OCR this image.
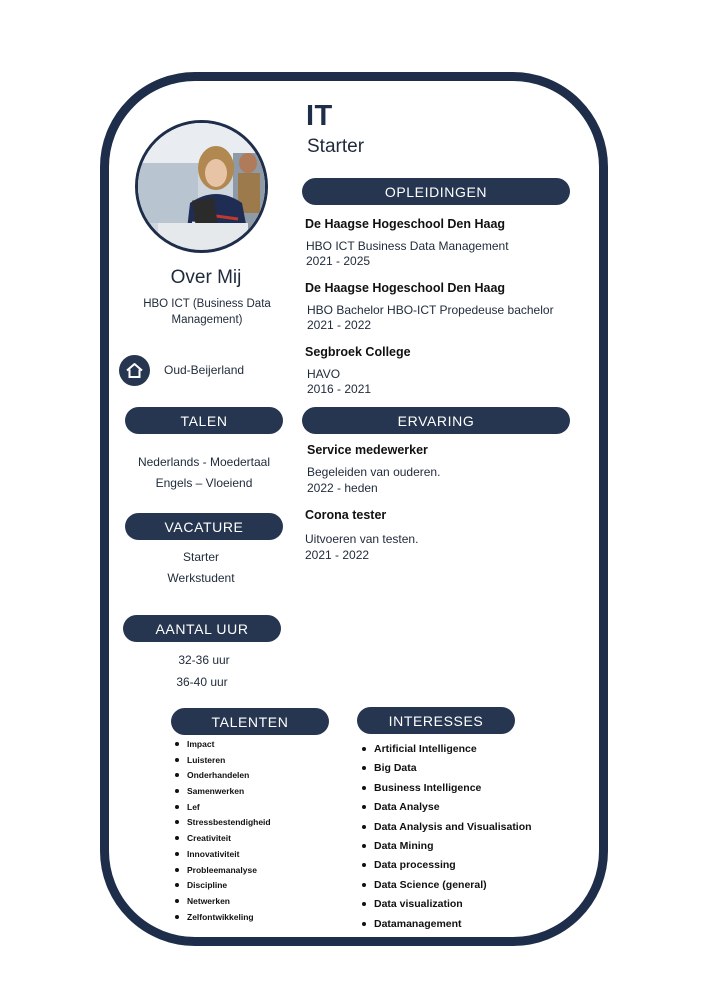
IT
Starter
Over Mij
HBO ICT (Business Data Management)
Oud-Beijerland
OPLEIDINGEN
ERVARING
TALEN
VACATURE
AANTAL UUR
TALENTEN	INTERESSES
De Haagse Hogeschool Den Haag
HBO ICT Business Data Management
2021 - 2025
De Haagse Hogeschool Den Haag
HBO Bachelor HBO-ICT Propedeuse bachelor
2021 - 2022
Segbroek College
HAVO
2016 - 2021
Service medewerker
Begeleiden van ouderen.
2022 - heden
Corona tester
Uitvoeren van testen.
2021 - 2022
Nederlands - Moedertaal
Engels – Vloeiend
Starter
Werkstudent
32-36 uur
36-40 uur
Impact
Luisteren
Onderhandelen
Samenwerken
Lef
Stressbestendigheid
Creativiteit
Innovativiteit
Probleemanalyse
Discipline
Netwerken
Zelfontwikkeling
Artificial Intelligence
Big Data
Business Intelligence
Data Analyse
Data Analysis and Visualisation
Data Mining
Data processing
Data Science (general)
Data visualization
Datamanagement
